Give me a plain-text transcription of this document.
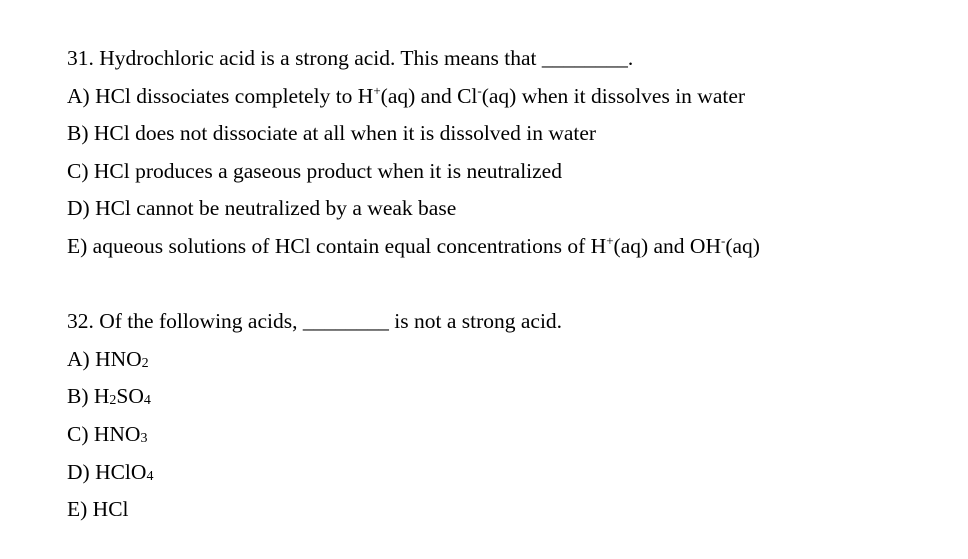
31. Hydrochloric acid is a strong acid. This means that ________.
A) HCl dissociates completely to H+(aq) and Cl-(aq) when it dissolves in water
B) HCl does not dissociate at all when it is dissolved in water
C) HCl produces a gaseous product when it is neutralized
D) HCl cannot be neutralized by a weak base
E) aqueous solutions of HCl contain equal concentrations of H+(aq) and OH-(aq)
32. Of the following acids, ________ is not a strong acid.
A) $HNO_2$
B) $H_2SO_4$
C) $HNO_3$
D) HClO$_4$
E) HCl
